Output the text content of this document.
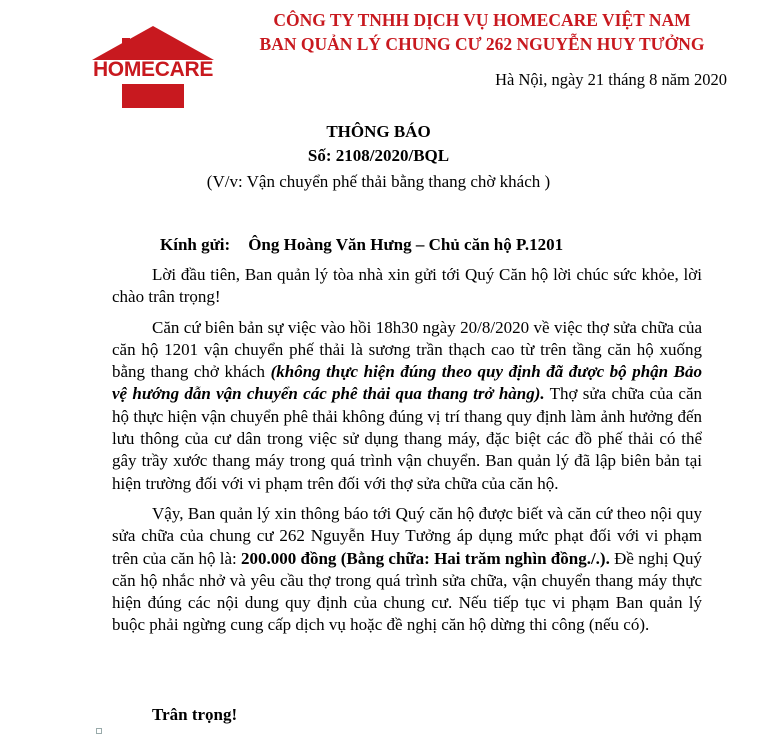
HOMECARE
CÔNG TY TNHH DỊCH VỤ HOMECARE VIỆT NAM
BAN QUẢN LÝ CHUNG CƯ 262 NGUYỄN HUY TƯỞNG
Hà Nội, ngày 21 tháng 8 năm 2020
THÔNG BÁO
Số: 2108/2020/BQL
(V/v: Vận chuyển phế thải bằng thang chờ khách )
Kính gửi: Ông Hoàng Văn Hưng – Chủ căn hộ P.1201

Lời đầu tiên, Ban quản lý tòa nhà xin gửi tới Quý Căn hộ lời chúc sức khỏe, lời chào trân trọng!

Căn cứ biên bản sự việc vào hồi 18h30 ngày 20/8/2020 về việc thợ sửa chữa của căn hộ 1201 vận chuyển phế thải là sương trần thạch cao từ trên tầng căn hộ xuống bằng thang chở khách (không thực hiện đúng theo quy định đã được bộ phận Bảo vệ hướng dẫn vận chuyển các phê thải qua thang trở hàng). Thợ sửa chữa của căn hộ thực hiện vận chuyển phê thải không đúng vị trí thang quy định làm ảnh hưởng đến lưu thông của cư dân trong việc sử dụng thang máy, đặc biệt các đồ phế thải có thể gây trầy xước thang máy trong quá trình vận chuyển. Ban quản lý đã lập biên bản tại hiện trường đối với vi phạm trên đối với thợ sửa chữa của căn hộ.

Vậy, Ban quản lý xin thông báo tới Quý căn hộ được biết và căn cứ theo nội quy sửa chữa của chung cư 262 Nguyễn Huy Tưởng áp dụng mức phạt đối với vi phạm trên của căn hộ là: 200.000 đồng (Bằng chữa: Hai trăm nghìn đồng./.). Đề nghị Quý căn hộ nhắc nhở và yêu cầu thợ trong quá trình sửa chữa, vận chuyển thang máy thực hiện đúng các nội dung quy định của chung cư. Nếu tiếp tục vi phạm Ban quản lý buộc phải ngừng cung cấp dịch vụ hoặc đề nghị căn hộ dừng thi công (nếu có).

Trân trọng!
